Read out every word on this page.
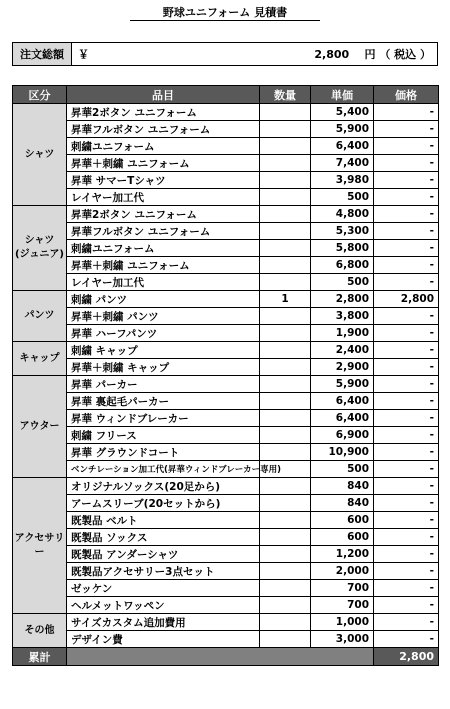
野球ユニフォーム 見積書
注文総額	￥	2,800 円 （ 税込 ）
区分	品目	数量	単価	価格
シャツ	昇華2ボタン ユニフォーム		5,400	-
	昇華フルボタン ユニフォーム		5,900	-
	刺繍ユニフォーム		6,400	-
	昇華＋刺繍 ユニフォーム		7,400	-
	昇華 サマーTシャツ		3,980	-
	レイヤー加工代		500	-
シャツ
(ジュニア)	昇華2ボタン ユニフォーム		4,800	-
	昇華フルボタン ユニフォーム		5,300	-
	刺繍ユニフォーム		5,800	-
	昇華＋刺繍 ユニフォーム		6,800	-
	レイヤー加工代		500	-
パンツ	刺繍 パンツ	1	2,800	2,800
	昇華＋刺繍 パンツ		3,800	-
	昇華 ハーフパンツ		1,900	-
キャップ	刺繍 キャップ		2,400	-
	昇華＋刺繍 キャップ		2,900	-
アウター	昇華 パーカー		5,900	-
	昇華 裏起毛パーカー		6,400	-
	昇華 ウィンドブレーカー		6,400	-
	刺繍 フリース		6,900	-
	昇華 グラウンドコート		10,900	-
	ベンチレーション加工代(昇華ウィンドブレーカー専用)		500	-
アクセサリー	オリジナルソックス(20足から)		840	-
	アームスリーブ(20セットから)		840	-
	既製品 ベルト		600	-
	既製品 ソックス		600	-
	既製品 アンダーシャツ		1,200	-
	既製品アクセサリー3点セット		2,000	-
	ゼッケン		700	-
	ヘルメットワッペン		700	-
その他	サイズカスタム追加費用		1,000	-
	デザイン費		3,000	-
累計				2,800
